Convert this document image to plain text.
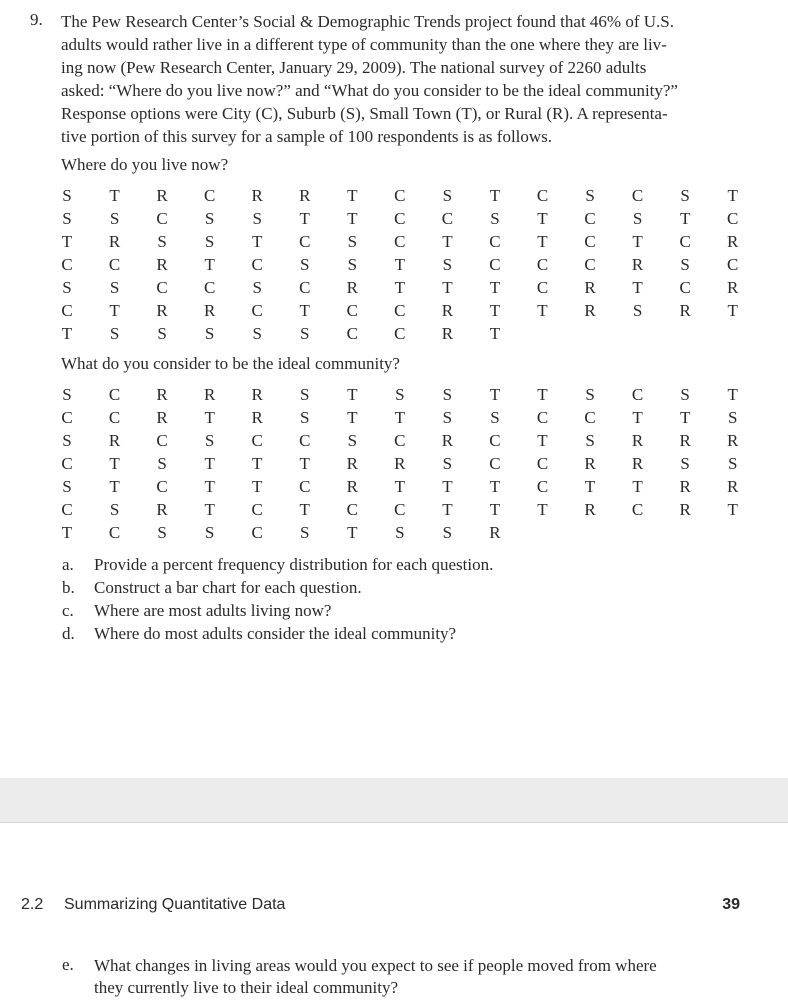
9. The Pew Research Center’s Social & Demographic Trends project found that 46% of U.S.
adults would rather live in a different type of community than the one where they are liv-
ing now (Pew Research Center, January 29, 2009). The national survey of 2260 adults
asked: “Where do you live now?” and “What do you consider to be the ideal community?”
Response options were City (C), Suburb (S), Small Town (T), or Rural (R). A representa-
tive portion of this survey for a sample of 100 respondents is as follows.
Where do you live now?
S	T	R	C	R	R	T	C	S	T	C	S	C	S	T
S	S	C	S	S	T	T	C	C	S	T	C	S	T	C
T	R	S	S	T	C	S	C	T	C	T	C	T	C	R
C	C	R	T	C	S	S	T	S	C	C	C	R	S	C
S	S	C	C	S	C	R	T	T	T	C	R	T	C	R
C	T	R	R	C	T	C	C	R	T	T	R	S	R	T
T	S	S	S	S	S	C	C	R	T
What do you consider to be the ideal community?
S	C	R	R	R	S	T	S	S	T	T	S	C	S	T
C	C	R	T	R	S	T	T	S	S	C	C	T	T	S
S	R	C	S	C	C	S	C	R	C	T	S	R	R	R
C	T	S	T	T	T	R	R	S	C	C	R	R	S	S
S	T	C	T	T	C	R	T	T	T	C	T	T	R	R
C	S	R	T	C	T	C	C	T	T	T	R	C	R	T
T	C	S	S	C	S	T	S	S	R
a. Provide a percent frequency distribution for each question.
b. Construct a bar chart for each question.
c. Where are most adults living now?
d. Where do most adults consider the ideal community?
2.2 Summarizing Quantitative Data	39
e. What changes in living areas would you expect to see if people moved from where
they currently live to their ideal community?
